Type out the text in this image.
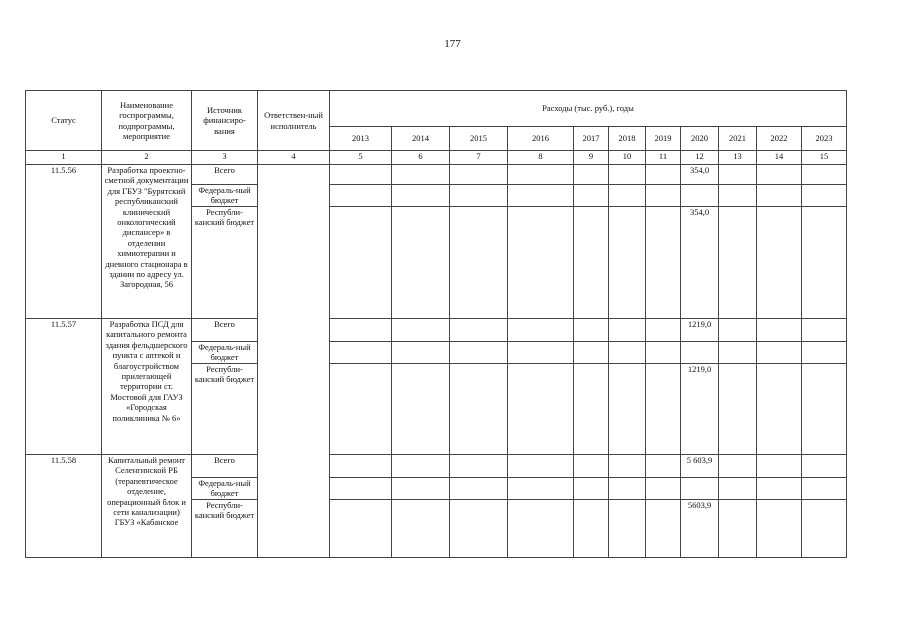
177
Статус	Наименование госпрограммы, подпрограммы, мероприятие	Источник финансиро-вания	Ответствен-ный исполнитель	Расходы (тыс. руб.), годы										
				2013	2014	2015	2016	2017	2018	2019	2020	2021	2022	2023
1	2	3	4	5	6	7	8	9	10	11	12	13	14	15
11.5.56	Разработка проектно-сметной документации для ГБУЗ "Бурятский республиканский клинический онкологический диспансер» в отделении химиотерапии и дневного стационара в здании по адресу ул. Загородная, 56	Всего									354,0			
		Федераль-ный бюджет												
		Республи-канский бюджет									354,0			
11.5.57	Разработка ПСД для капитального ремонта здания фельдшерского пункта с аптекой и благоустройством прилегающей территории ст. Мостовой для ГАУЗ «Городская поликлиника № 6»	Всего									1219,0			
		Федераль-ный бюджет												
		Республи-канский бюджет									1219,0			
11.5.58	Капитальный ремонт Селенгинской РБ (терапевтическое отделение, операционный блок и сети канализации) ГБУЗ «Кабанское	Всего									5 603,9			
		Федераль-ный бюджет												
		Республи-канский бюджет									5603,9			
